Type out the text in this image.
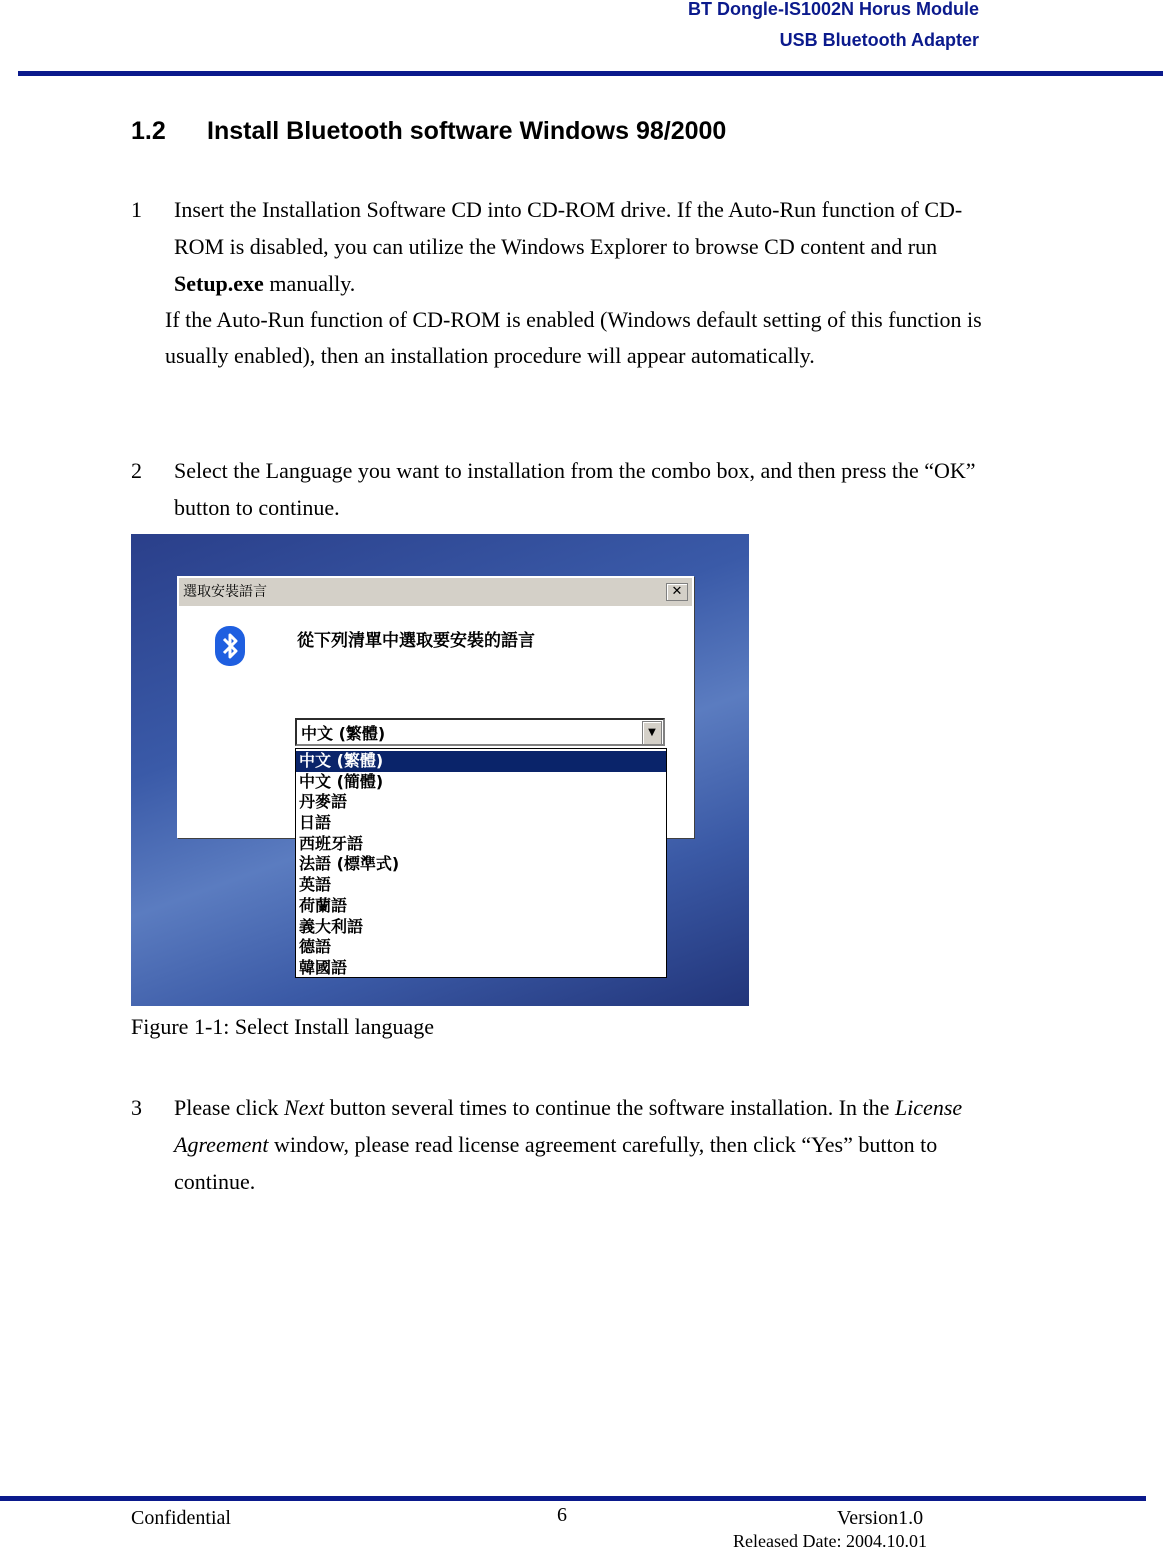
BT Dongle-IS1002N Horus Module
USB Bluetooth Adapter
1.2 Install Bluetooth software Windows 98/2000
1 Insert the Installation Software CD into CD-ROM drive. If the Auto-Run function of CD-ROM is disabled, you can utilize the Windows Explorer to browse CD content and run Setup.exe manually.
If the Auto-Run function of CD-ROM is enabled (Windows default setting of this function is usually enabled), then an installation procedure will appear automatically.
2 Select the Language you want to installation from the combo box, and then press the “OK” button to continue.
選取安裝語言	✕
從下列清單中選取要安裝的語言
中文 (繁體)	▼
中文 (繁體)
中文 (簡體)
丹麥語
日語
西班牙語
法語 (標準式)
英語
荷蘭語
義大利語
德語
韓國語
Figure 1-1: Select Install language
3 Please click Next button several times to continue the software installation. In the License Agreement window, please read license agreement carefully, then click “Yes” button to continue.
Confidential	6	Version1.0
Released Date: 2004.10.01
